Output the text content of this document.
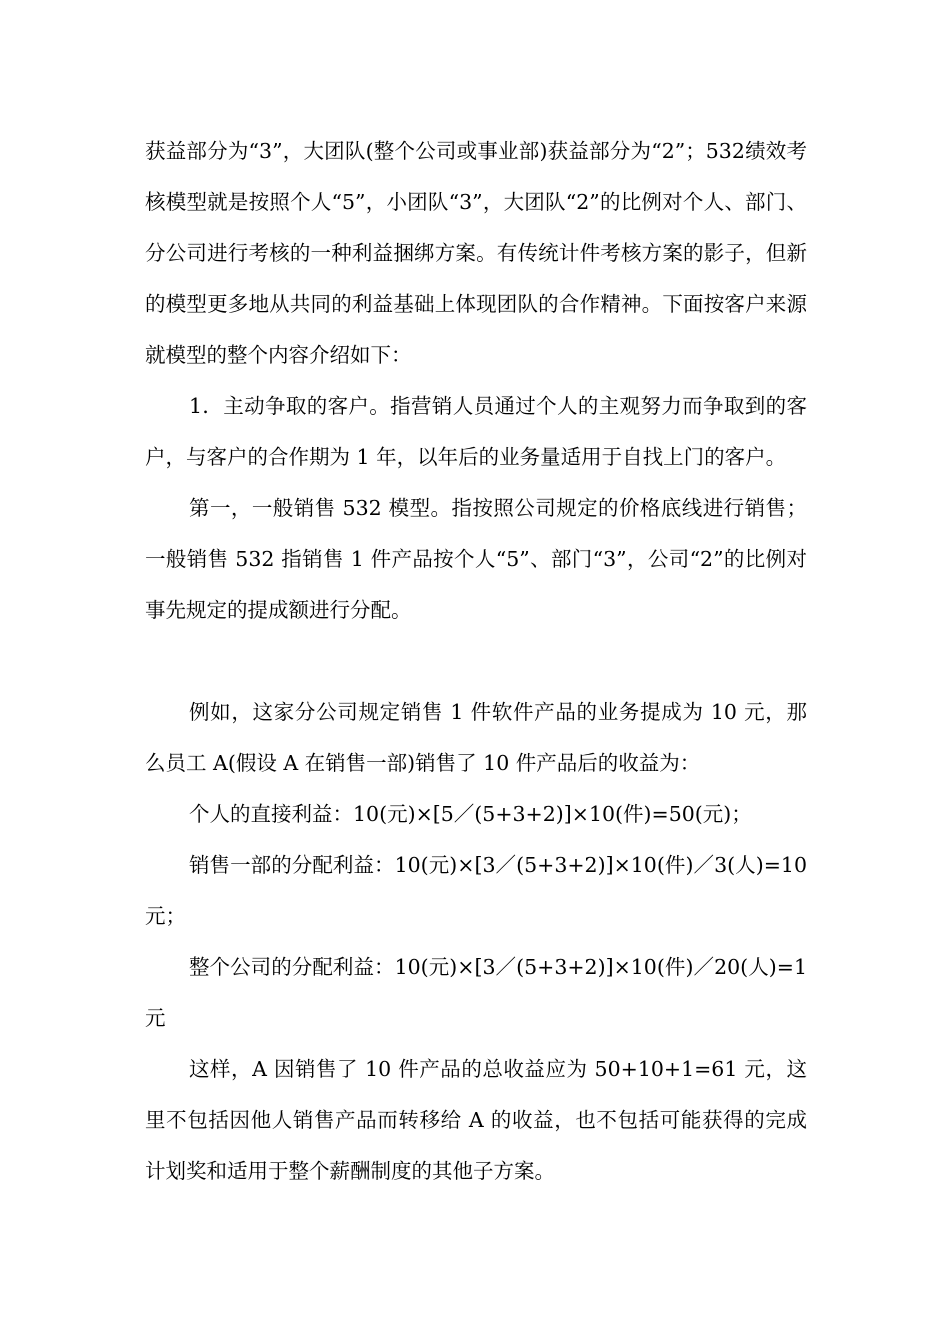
获益部分为“3”，大团队(整个公司或事业部)获益部分为“2”；532绩效考核模型就是按照个人“5”，小团队“3”，大团队“2”的比例对个人、部门、分公司进行考核的一种利益捆绑方案。有传统计件考核方案的影子，但新的模型更多地从共同的利益基础上体现团队的合作精神。下面按客户来源就模型的整个内容介绍如下：

1．主动争取的客户。指营销人员通过个人的主观努力而争取到的客户，与客户的合作期为 1 年，以年后的业务量适用于自找上门的客户。

第一，一般销售 532 模型。指按照公司规定的价格底线进行销售；一般销售 532 指销售 1 件产品按个人“5”、部门“3”，公司“2”的比例对事先规定的提成额进行分配。

例如，这家分公司规定销售 1 件软件产品的业务提成为 10 元，那么员工 A(假设 A 在销售一部)销售了 10 件产品后的收益为：

个人的直接利益：10(元)×[5／(5+3+2)]×10(件)=50(元)；

销售一部的分配利益：10(元)×[3／(5+3+2)]×10(件)／3(人)=10元；

整个公司的分配利益：10(元)×[3／(5+3+2)]×10(件)／20(人)=1元

这样，A 因销售了 10 件产品的总收益应为 50+10+1=61 元，这里不包括因他人销售产品而转移给 A 的收益，也不包括可能获得的完成计划奖和适用于整个薪酬制度的其他子方案。
